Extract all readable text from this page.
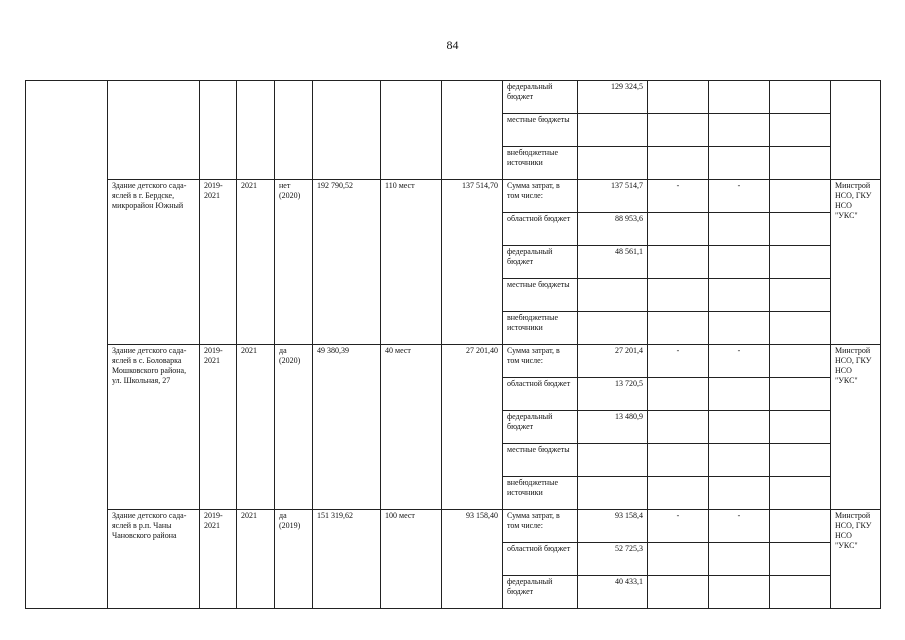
84
								федеральный бюджет	129 324,5				
								местные бюджеты					
								внебюджетные источники					
	Здание детского сада-яслей в г. Бердске, микрорайон Южный	2019-2021	2021	нет (2020)	192 790,52	110 мест	137 514,70	Сумма затрат, в том числе:	137 514,7	-	-		Минстрой НСО, ГКУ НСО "УКС"
								областной бюджет	88 953,6				
								федеральный бюджет	48 561,1				
								местные бюджеты					
								внебюджетные источники					
	Здание детского сада-яслей в с. Боловарка Мошковского района, ул. Школьная, 27	2019-2021	2021	да (2020)	49 380,39	40 мест	27 201,40	Сумма затрат, в том числе:	27 201,4	-	-		Минстрой НСО, ГКУ НСО "УКС"
								областной бюджет	13 720,5				
								федеральный бюджет	13 480,9				
								местные бюджеты					
								внебюджетные источники					
	Здание детского сада-яслей в р.п. Чаны Чановского района	2019-2021	2021	да (2019)	151 319,62	100 мест	93 158,40	Сумма затрат, в том числе:	93 158,4	-	-		Минстрой НСО, ГКУ НСО "УКС"
								областной бюджет	52 725,3				
								федеральный бюджет	40 433,1				
